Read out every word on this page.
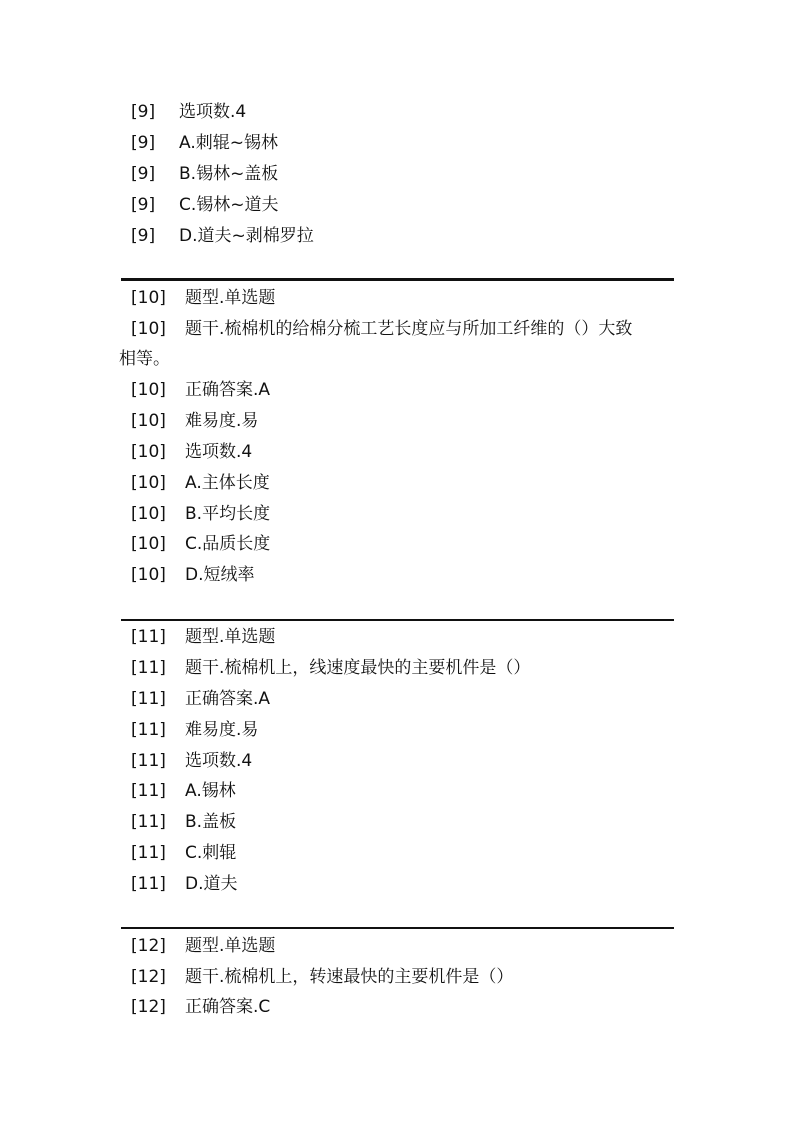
[9] 选项数.4
[9] A.刺辊~锡林
[9] B.锡林~盖板
[9] C.锡林~道夫
[9] D.道夫~剥棉罗拉
[10] 题型.单选题
[10] 题干.梳棉机的给棉分梳工艺长度应与所加工纤维的（）大致
相等。
[10] 正确答案.A
[10] 难易度.易
[10] 选项数.4
[10] A.主体长度
[10] B.平均长度
[10] C.品质长度
[10] D.短绒率
[11] 题型.单选题
[11] 题干.梳棉机上，线速度最快的主要机件是（）
[11] 正确答案.A
[11] 难易度.易
[11] 选项数.4
[11] A.锡林
[11] B.盖板
[11] C.刺辊
[11] D.道夫
[12] 题型.单选题
[12] 题干.梳棉机上，转速最快的主要机件是（）
[12] 正确答案.C
